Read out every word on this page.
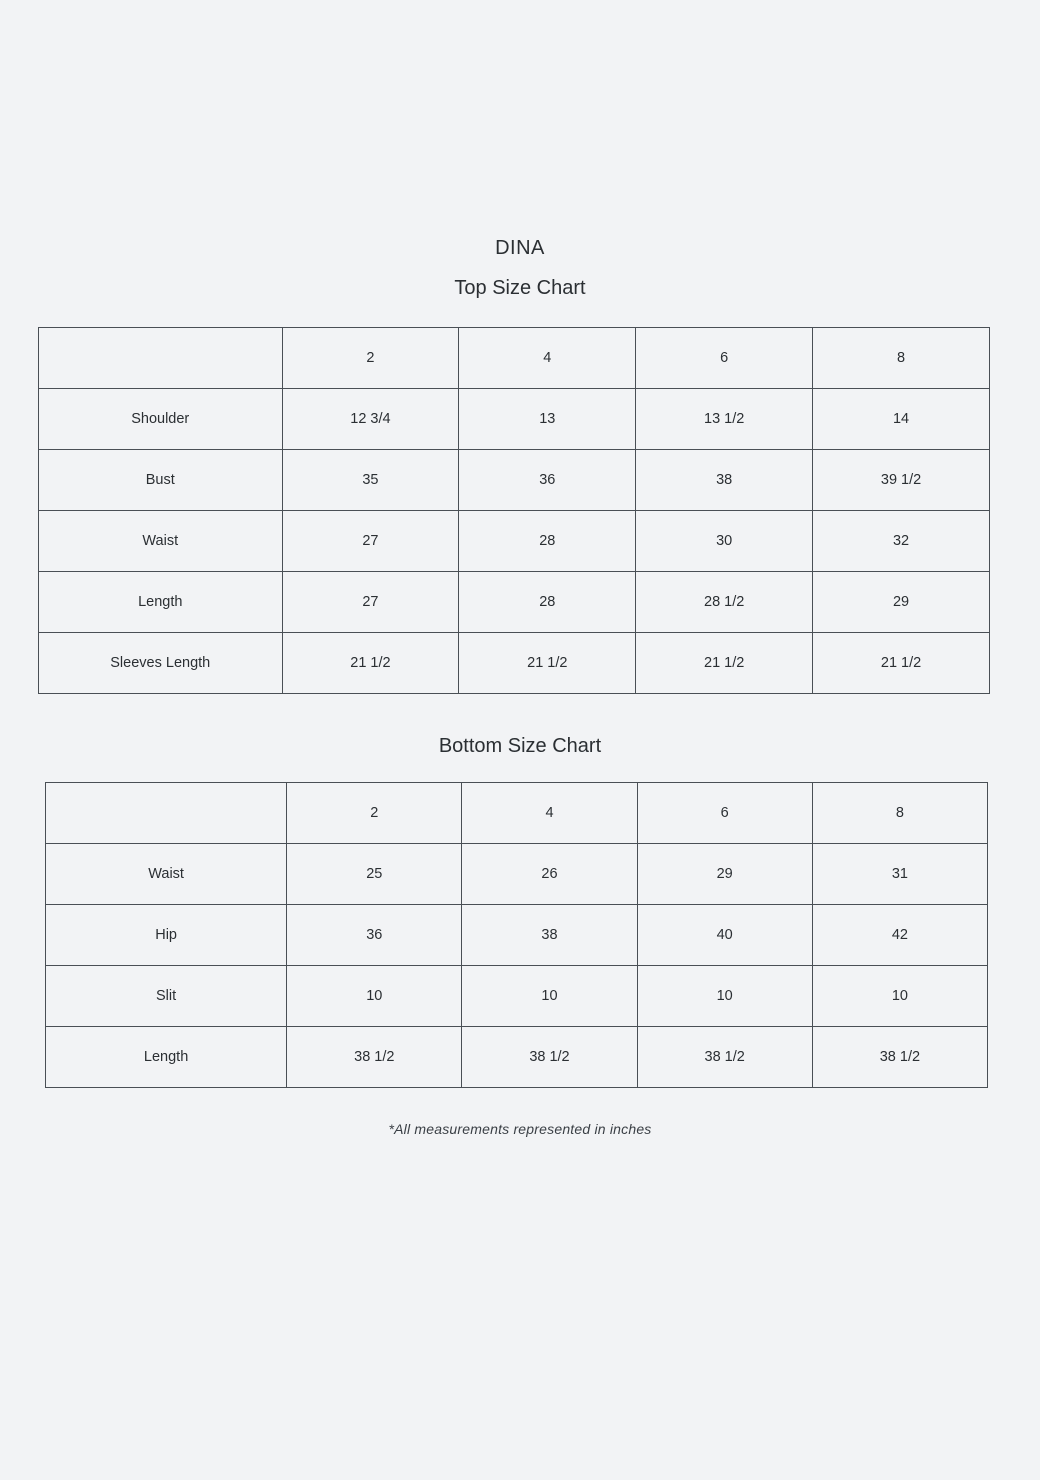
DINA
Top Size Chart
	2	4	6	8
Shoulder	12 3/4	13	13 1/2	14
Bust	35	36	38	39 1/2
Waist	27	28	30	32
Length	27	28	28 1/2	29
Sleeves Length	21 1/2	21 1/2	21 1/2	21 1/2
Bottom Size Chart
	2	4	6	8
Waist	25	26	29	31
Hip	36	38	40	42
Slit	10	10	10	10
Length	38 1/2	38 1/2	38 1/2	38 1/2

*All measurements represented in inches
